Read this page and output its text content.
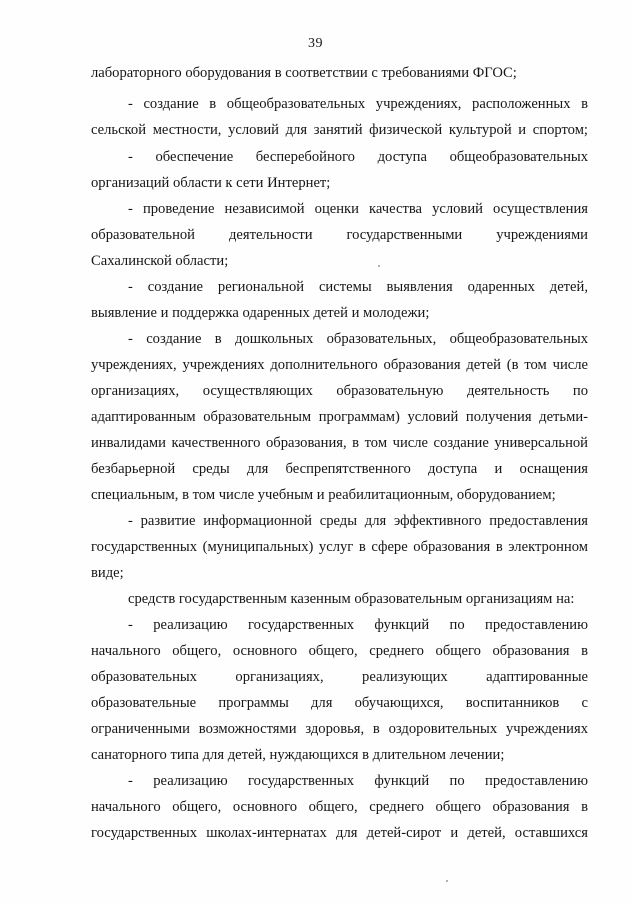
39
лабораторного оборудования в соответствии с требованиями ФГОС;
- создание в общеобразовательных учреждениях, расположенных в
сельской местности, условий для занятий физической культурой и спортом;
- обеспечение бесперебойного доступа общеобразовательных
организаций области к сети Интернет;
- проведение независимой оценки качества условий осуществления
образовательной деятельности государственными учреждениями
Сахалинской области;
- создание региональной системы выявления одаренных детей,
выявление и поддержка одаренных детей и молодежи;
- создание в дошкольных образовательных, общеобразовательных
учреждениях, учреждениях дополнительного образования детей (в том числе
организациях, осуществляющих образовательную деятельность по
адаптированным образовательным программам) условий получения детьми-
инвалидами качественного образования, в том числе создание универсальной
безбарьерной среды для беспрепятственного доступа и оснащения
специальным, в том числе учебным и реабилитационным, оборудованием;
- развитие информационной среды для эффективного предоставления
государственных (муниципальных) услуг в сфере образования в электронном
виде;
средств государственным казенным образовательным организациям на:
- реализацию государственных функций по предоставлению
начального общего, основного общего, среднего общего образования в
образовательных организациях, реализующих адаптированные
образовательные программы для обучающихся, воспитанников с
ограниченными возможностями здоровья, в оздоровительных учреждениях
санаторного типа для детей, нуждающихся в длительном лечении;
- реализацию государственных функций по предоставлению
начального общего, основного общего, среднего общего образования в
государственных школах-интернатах для детей-сирот и детей, оставшихся
